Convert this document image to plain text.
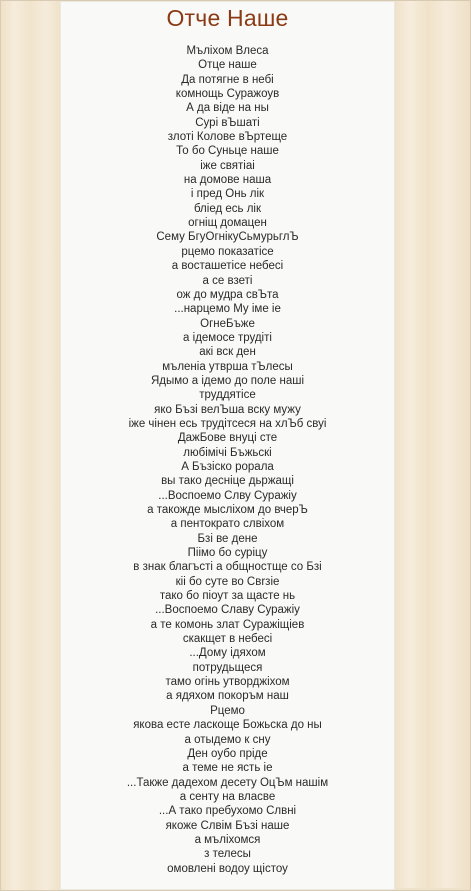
Отче Наше
Мълiхом Влеса
Отце наше
Да потягне в небi
комнощь Суражоув
А да вiде на ны
Сурi вЪшатi
злотi Колове вЪртеще
То бо Суньце наше
iже святiаi
на домове наша
i пред Онь лiк
блiед есь лiк
огнiщ домацен
Сему БгуОгнiкуСьмурьглЪ
рцемо показатiсе
а восташетiсе небесi
а се взетi
ож до мудра свЪта
...нарцемо Му iме iе
ОгнеБъже
а iдемосе трудiтi
акi вск ден
мъленiа утврша тЪлесы
Ядымо а iдемо до поле нашi
труддятiсе
яко Бъзi велЪша вску мужу
iже чiнен есь трудiтсеся на хлЪб свуi
ДажБове внуцi сте
любiмiчi Бъжьскi
А Бъзiско рорала
вы тако деснiце дьржащi
...Воспоемо Слву Суражiу
а такожде мыслiхом до вчерЪ
а пентократо слвiхом
Бзi ве дене
Пiiмо бо сурiцу
в знак благъстi а общностще со Бзi
кii бо суте во Свrзiе
тако бо пiоут за щасте нь
...Воспоемо Славу Суражiу
а те комонь злат Суражiщiев
скакщет в небесi
...Дому iдяхом
потрудьщеся
тамо огiнь утворджiхом
а ядяхом покоръм наш
Рцемо
якова есте ласкоще Божьска до ны
а отыдемо к сну
Ден оубо прiде
а теме не ясть iе
...Также дадехом десету ОцЪм нашiм
а сенту на власве
...А тако пребухомо Слвнi
якоже Слвiм Бъзi наше
а мълiхомся
з телесы
омовленi водоу щiстоу
